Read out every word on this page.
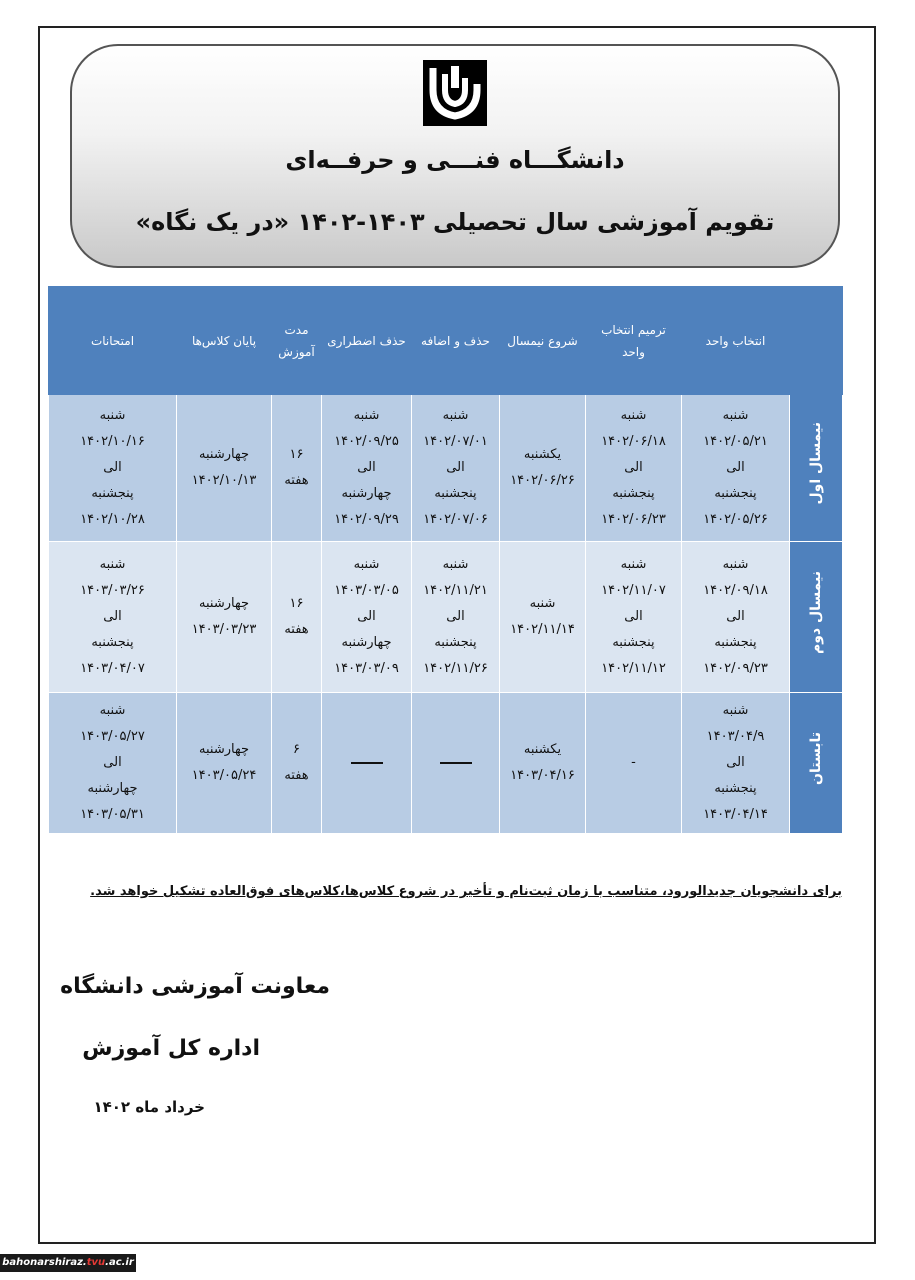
دانشگـــاه فنـــی و حرفــه‌ای
تقویم آموزشی سال تحصیلی ۱۴۰۳-۱۴۰۲ «در یک نگاه»
	انتخاب واحد	ترمیم انتخاب واحد	شروع نیمسال	حذف و اضافه	حذف اضطراری	مدت آموزش	پایان کلاس‌ها	امتحانات
نیمسال اول	شنبه
۱۴۰۲/۰۵/۲۱
الی
پنجشنبه
۱۴۰۲/۰۵/۲۶	شنبه
۱۴۰۲/۰۶/۱۸
الی
پنجشنبه
۱۴۰۲/۰۶/۲۳	یکشنبه
۱۴۰۲/۰۶/۲۶	شنبه
۱۴۰۲/۰۷/۰۱
الی
پنجشنبه
۱۴۰۲/۰۷/۰۶	شنبه
۱۴۰۲/۰۹/۲۵
الی
چهارشنبه
۱۴۰۲/۰۹/۲۹	۱۶
هفته	چهارشنبه
۱۴۰۲/۱۰/۱۳	شنبه
۱۴۰۲/۱۰/۱۶
الی
پنجشنبه
۱۴۰۲/۱۰/۲۸

نیمسال دوم	شنبه
۱۴۰۲/۰۹/۱۸
الی
پنجشنبه
۱۴۰۲/۰۹/۲۳	شنبه
۱۴۰۲/۱۱/۰۷
الی
پنجشنبه
۱۴۰۲/۱۱/۱۲	شنبه
۱۴۰۲/۱۱/۱۴	شنبه
۱۴۰۲/۱۱/۲۱
الی
پنجشنبه
۱۴۰۲/۱۱/۲۶	شنبه
۱۴۰۳/۰۳/۰۵
الی
چهارشنبه
۱۴۰۳/۰۳/۰۹	۱۶
هفته	چهارشنبه
۱۴۰۳/۰۳/۲۳	شنبه
۱۴۰۳/۰۳/۲۶
الی
پنجشنبه
۱۴۰۳/۰۴/۰۷

تابستان	شنبه
۱۴۰۳/۰۴/۹
الی
پنجشنبه
۱۴۰۳/۰۴/۱۴	-	یکشنبه
۱۴۰۳/۰۴/۱۶			۶
هفته	چهارشنبه
۱۴۰۳/۰۵/۲۴	شنبه
۱۴۰۳/۰۵/۲۷
الی
چهارشنبه
۱۴۰۳/۰۵/۳۱
برای دانشجویان جدیدالورود، متناسب با زمان ثبت‌نام و تأخیر در شروع کلاس‌ها،کلاس‌های فوق‌العاده تشکیل خواهد شد.
معاونت آموزشی دانشگاه
اداره کل آموزش
خرداد ماه ۱۴۰۲
bahonarshiraz.tvu.ac.ir
